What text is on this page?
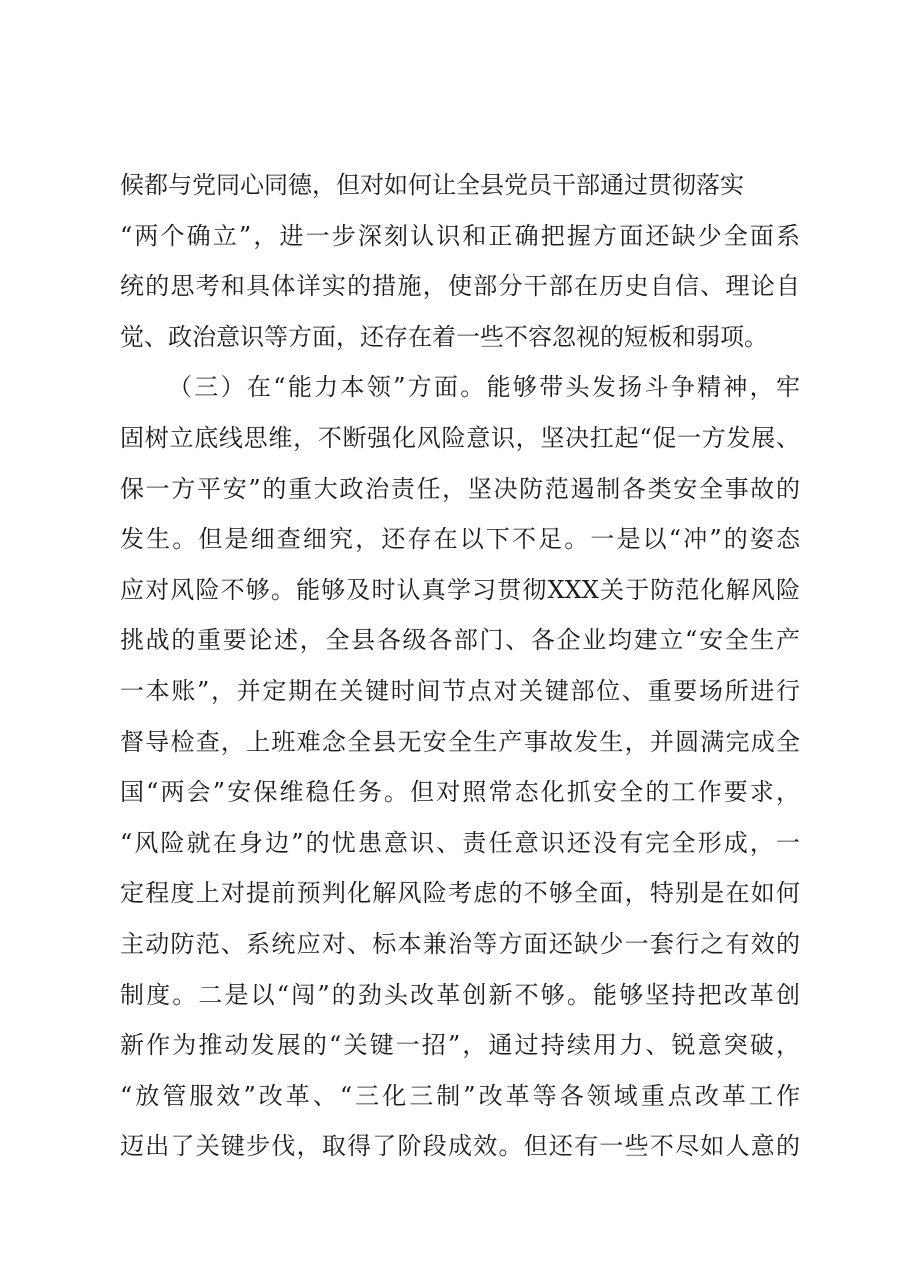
候都与党同心同德，但对如何让全县党员干部通过贯彻落实
“两个确立”，进一步深刻认识和正确把握方面还缺少全面系
统的思考和具体详实的措施，使部分干部在历史自信、理论自
觉、政治意识等方面，还存在着一些不容忽视的短板和弱项。
（三）在“能力本领”方面。能够带头发扬斗争精神，牢
固树立底线思维，不断强化风险意识，坚决扛起“促一方发展、
保一方平安”的重大政治责任，坚决防范遏制各类安全事故的
发生。但是细查细究，还存在以下不足。一是以“冲”的姿态
应对风险不够。能够及时认真学习贯彻XXX关于防范化解风险
挑战的重要论述，全县各级各部门、各企业均建立“安全生产
一本账”，并定期在关键时间节点对关键部位、重要场所进行
督导检查，上班难念全县无安全生产事故发生，并圆满完成全
国“两会”安保维稳任务。但对照常态化抓安全的工作要求，
“风险就在身边”的忧患意识、责任意识还没有完全形成，一
定程度上对提前预判化解风险考虑的不够全面，特别是在如何
主动防范、系统应对、标本兼治等方面还缺少一套行之有效的
制度。二是以“闯”的劲头改革创新不够。能够坚持把改革创
新作为推动发展的“关键一招”，通过持续用力、锐意突破，
“放管服效”改革、“三化三制”改革等各领域重点改革工作
迈出了关键步伐，取得了阶段成效。但还有一些不尽如人意的
